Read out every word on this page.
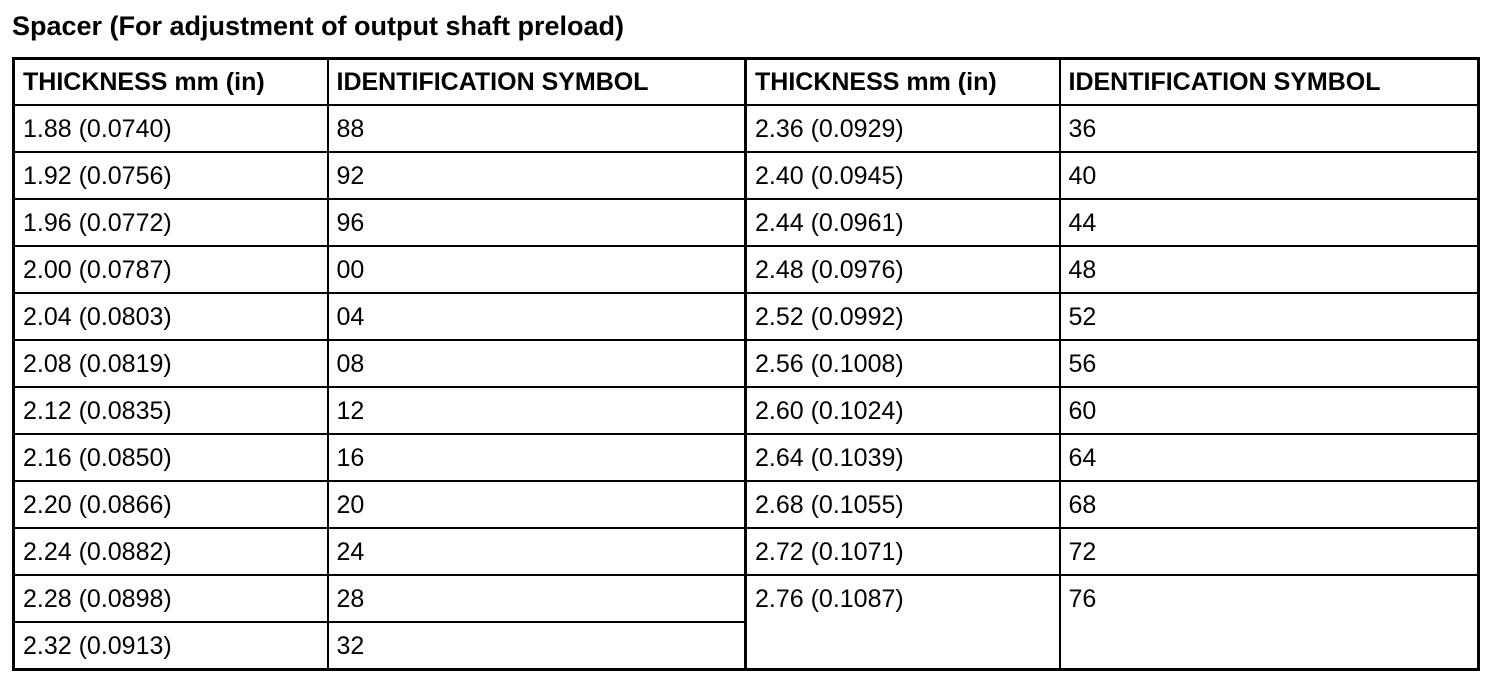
Spacer (For adjustment of output shaft preload)
THICKNESS mm (in)	IDENTIFICATION SYMBOL	THICKNESS mm (in)	IDENTIFICATION SYMBOL
1.88 (0.0740)	88	2.36 (0.0929)	36
1.92 (0.0756)	92	2.40 (0.0945)	40
1.96 (0.0772)	96	2.44 (0.0961)	44
2.00 (0.0787)	00	2.48 (0.0976)	48
2.04 (0.0803)	04	2.52 (0.0992)	52
2.08 (0.0819)	08	2.56 (0.1008)	56
2.12 (0.0835)	12	2.60 (0.1024)	60
2.16 (0.0850)	16	2.64 (0.1039)	64
2.20 (0.0866)	20	2.68 (0.1055)	68
2.24 (0.0882)	24	2.72 (0.1071)	72
2.28 (0.0898)	28	2.76 (0.1087)	76
2.32 (0.0913)	32		
